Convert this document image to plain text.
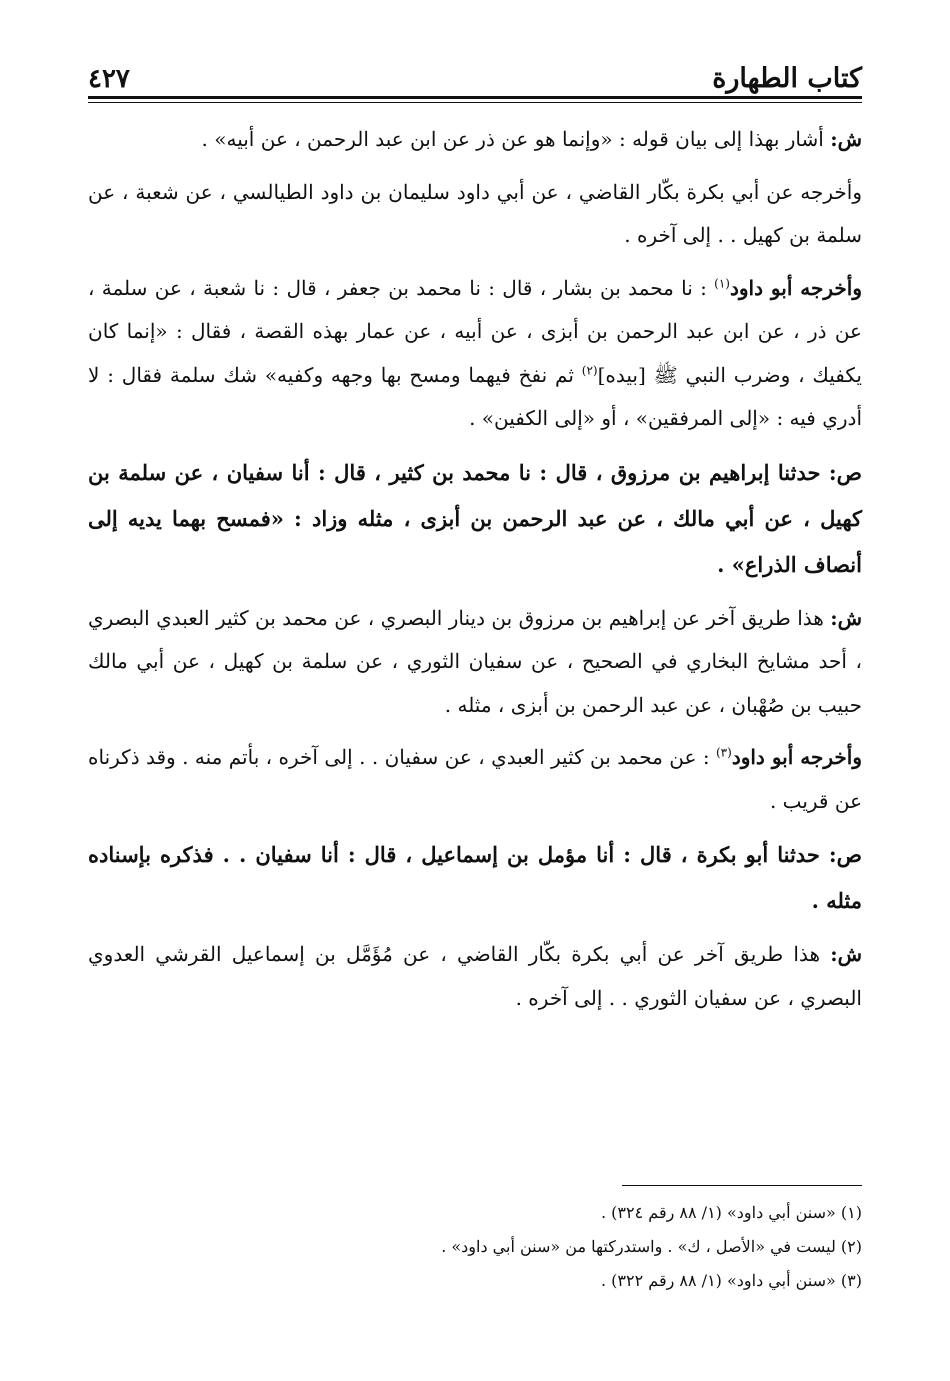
كتاب الطهارة
٤٢٧

ش: أشار بهذا إلى بيان قوله : «وإنما هو عن ذر عن ابن عبد الرحمن ، عن أبيه» .

وأخرجه عن أبي بكرة بكّار القاضي ، عن أبي داود سليمان بن داود الطيالسي ، عن شعبة ، عن سلمة بن كهيل . . إلى آخره .

وأخرجه أبو داود$^{(١)}$ : نا محمد بن بشار ، قال : نا محمد بن جعفر ، قال : نا شعبة ، عن سلمة ، عن ذر ، عن ابن عبد الرحمن بن أبزى ، عن أبيه ، عن عمار بهذه القصة ، فقال : «إنما كان يكفيك ، وضرب النبي ﷺ [بيده]$^{(٢)}$ ثم نفخ فيهما ومسح بها وجهه وكفيه» شك سلمة فقال : لا أدري فيه : «إلى المرفقين» ، أو «إلى الكفين» .

ص: حدثنا إبراهيم بن مرزوق ، قال : نا محمد بن كثير ، قال : أنا سفيان ، عن سلمة بن كهيل ، عن أبي مالك ، عن عبد الرحمن بن أبزى ، مثله وزاد : «فمسح بهما يديه إلى أنصاف الذراع» .

ش: هذا طريق آخر عن إبراهيم بن مرزوق بن دينار البصري ، عن محمد بن كثير العبدي البصري ، أحد مشايخ البخاري في الصحيح ، عن سفيان الثوري ، عن سلمة بن كهيل ، عن أبي مالك حبيب بن صُهْبان ، عن عبد الرحمن بن أبزى ، مثله .

وأخرجه أبو داود$^{(٣)}$ : عن محمد بن كثير العبدي ، عن سفيان . . إلى آخره ، بأتم منه . وقد ذكرناه عن قريب .

ص: حدثنا أبو بكرة ، قال : أنا مؤمل بن إسماعيل ، قال : أنا سفيان . . فذكره بإسناده مثله .

ش: هذا طريق آخر عن أبي بكرة بكّار القاضي ، عن مُؤَمَّل بن إسماعيل القرشي العدوي البصري ، عن سفيان الثوري . . إلى آخره .

(١) «سنن أبي داود» (١/ ٨٨ رقم ٣٢٤) .

(٢) ليست في «الأصل ، ك» . واستدركتها من «سنن أبي داود» .

(٣) «سنن أبي داود» (١/ ٨٨ رقم ٣٢٢) .
